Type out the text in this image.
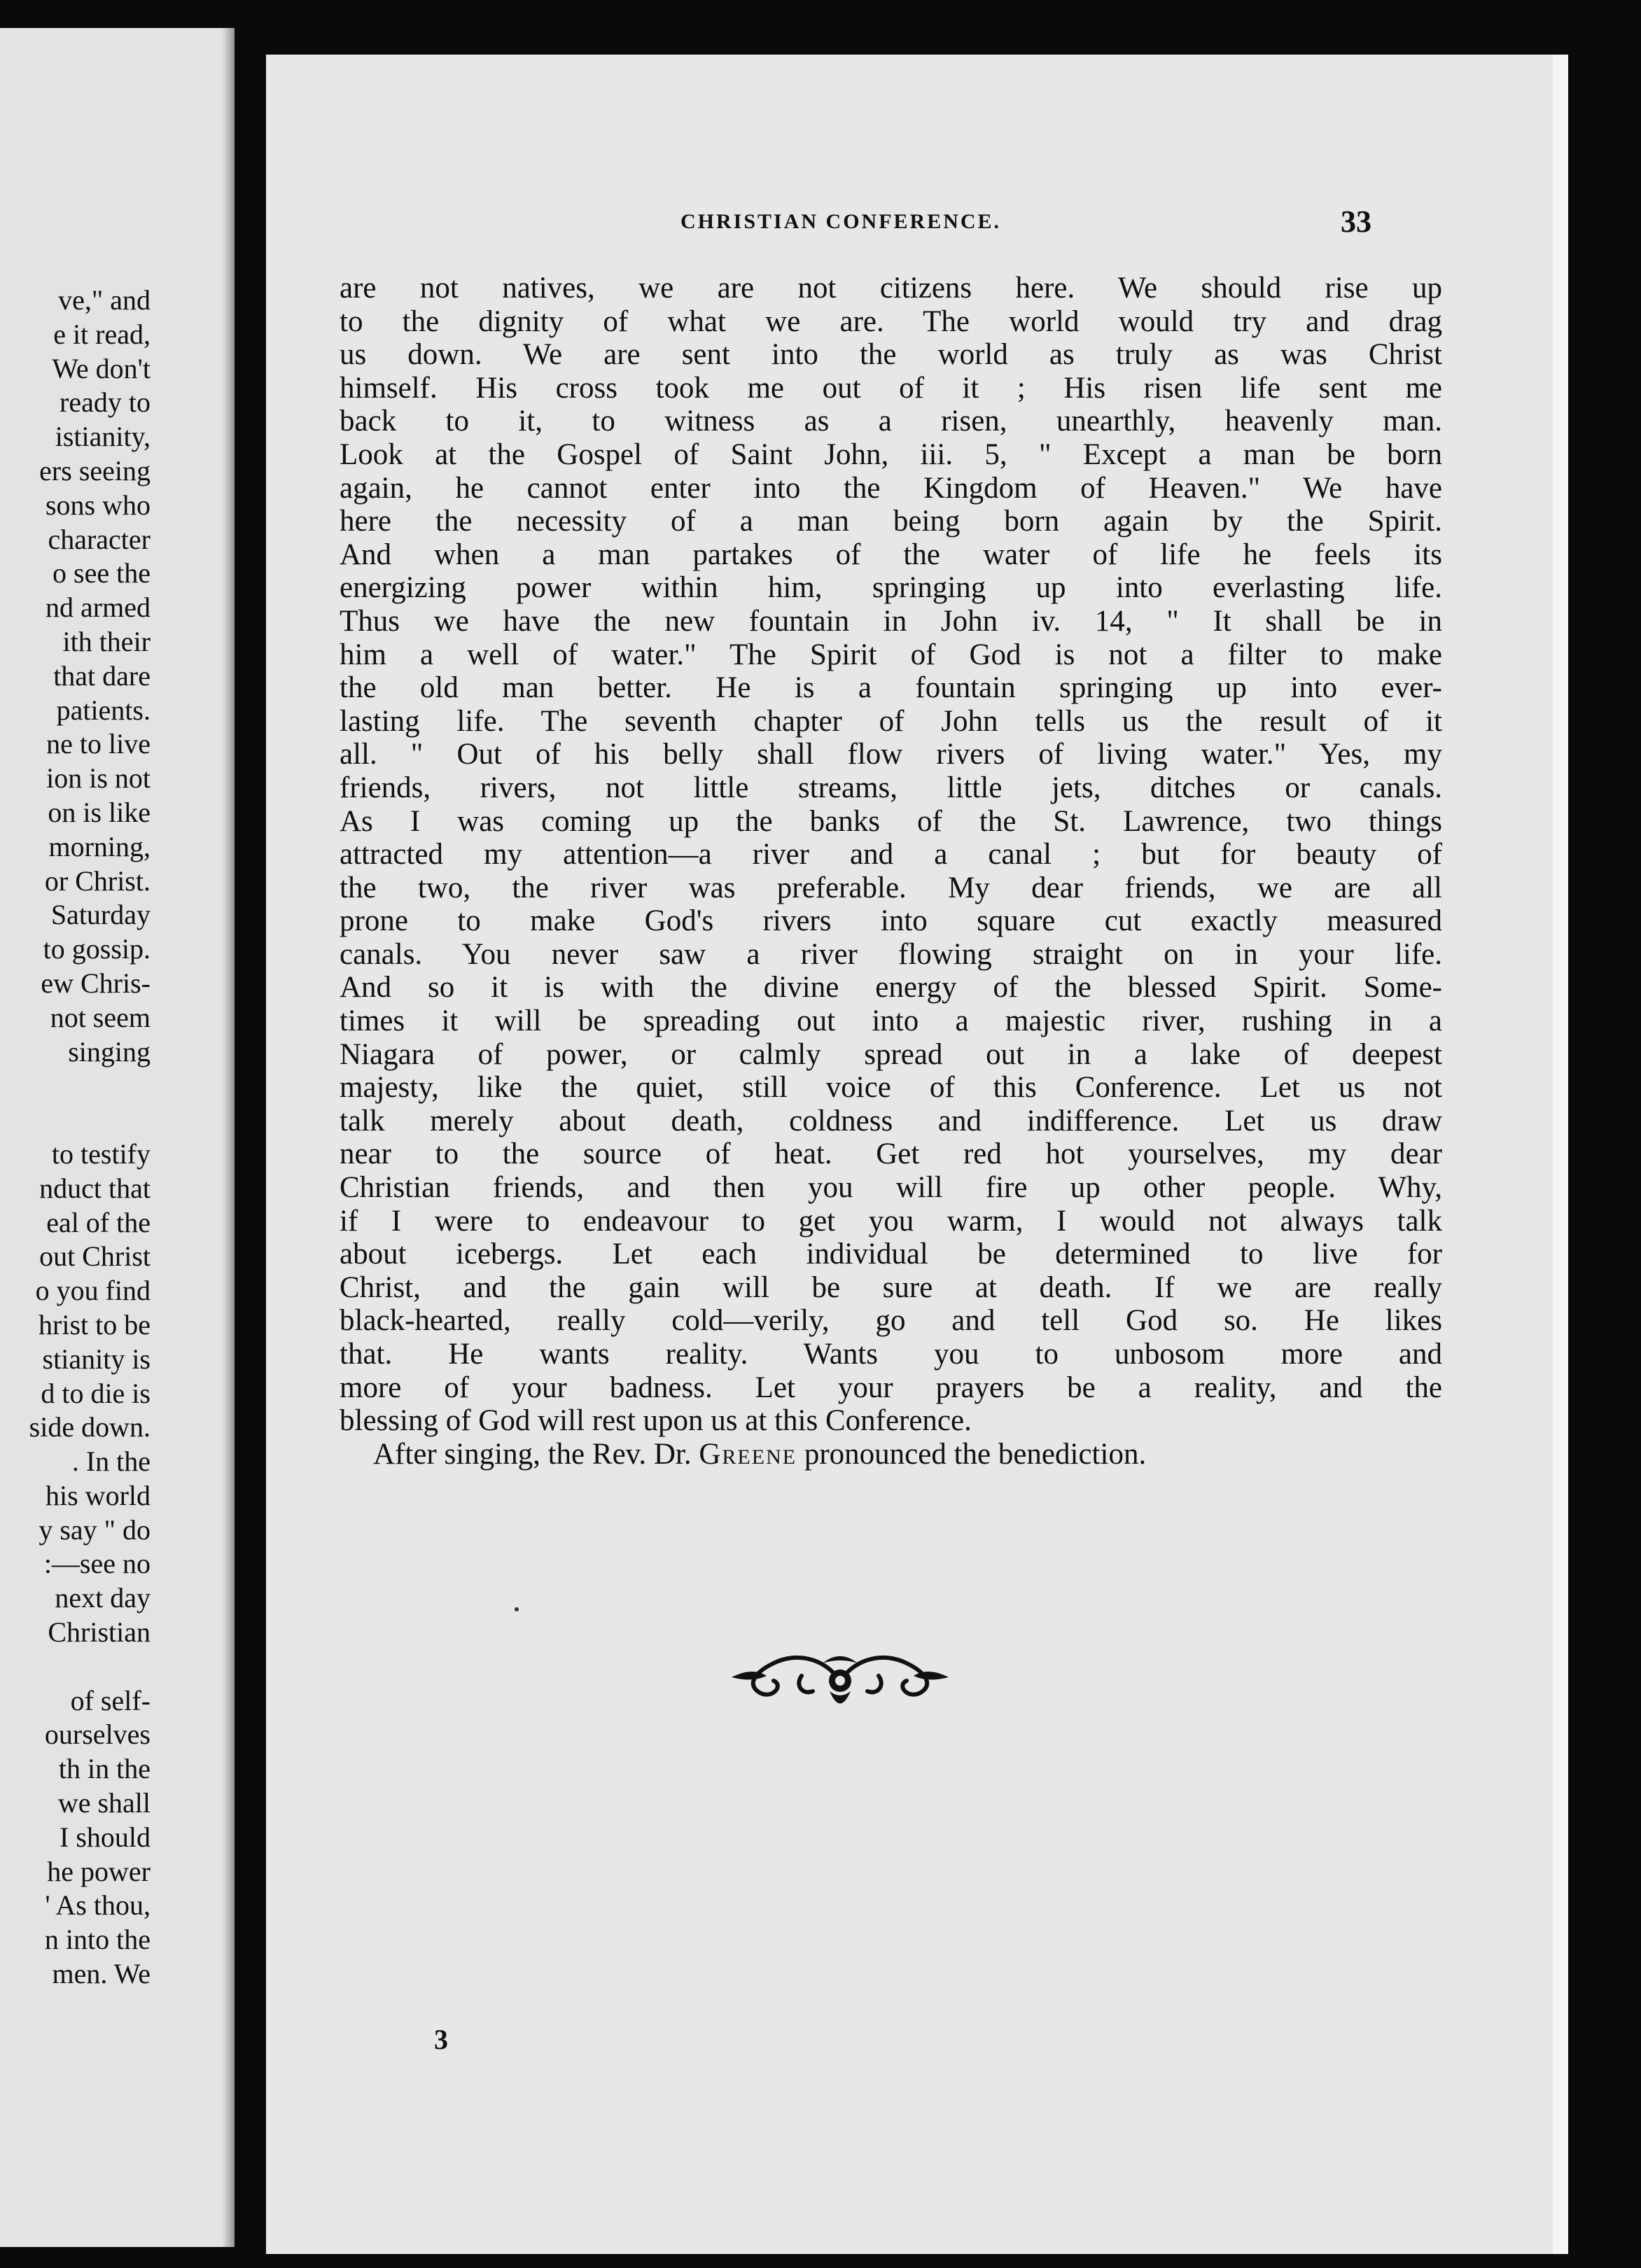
ve," and
e it read,
We don't
ready to
istianity,
ers seeing
sons who
character
o see the
nd armed
ith their
that dare
patients.
ne to live
ion is not
on is like
morning,
or Christ.
Saturday
to gossip.
ew Chris-
not seem
singing
to testify
nduct that
eal of the
out Christ
o you find
hrist to be
stianity is
d to die is
side down.
. In the
his world
y say " do
:—see no
next day
Christian
of self-
ourselves
th in the
we shall
I should
he power
' As thou,
n into the
men. We
CHRISTIAN CONFERENCE.	33
are not natives, we are not citizens here. We should rise up
to the dignity of what we are. The world would try and drag
us down. We are sent into the world as truly as was Christ
himself. His cross took me out of it ; His risen life sent me
back to it, to witness as a risen, unearthly, heavenly man.
Look at the Gospel of Saint John, iii. 5, " Except a man be born
again, he cannot enter into the Kingdom of Heaven." We have
here the necessity of a man being born again by the Spirit.
And when a man partakes of the water of life he feels its
energizing power within him, springing up into everlasting life.
Thus we have the new fountain in John iv. 14, " It shall be in
him a well of water." The Spirit of God is not a filter to make
the old man better. He is a fountain springing up into ever-
lasting life. The seventh chapter of John tells us the result of it
all. " Out of his belly shall flow rivers of living water." Yes, my
friends, rivers, not little streams, little jets, ditches or canals.
As I was coming up the banks of the St. Lawrence, two things
attracted my attention—a river and a canal ; but for beauty of
the two, the river was preferable. My dear friends, we are all
prone to make God's rivers into square cut exactly measured
canals. You never saw a river flowing straight on in your life.
And so it is with the divine energy of the blessed Spirit. Some-
times it will be spreading out into a majestic river, rushing in a
Niagara of power, or calmly spread out in a lake of deepest
majesty, like the quiet, still voice of this Conference. Let us not
talk merely about death, coldness and indifference. Let us draw
near to the source of heat. Get red hot yourselves, my dear
Christian friends, and then you will fire up other people. Why,
if I were to endeavour to get you warm, I would not always talk
about icebergs. Let each individual be determined to live for
Christ, and the gain will be sure at death. If we are really
black-hearted, really cold—verily, go and tell God so. He likes
that. He wants reality. Wants you to unbosom more and
more of your badness. Let your prayers be a reality, and the
blessing of God will rest upon us at this Conference.
After singing, the Rev. Dr. Greene pronounced the benediction.
3
